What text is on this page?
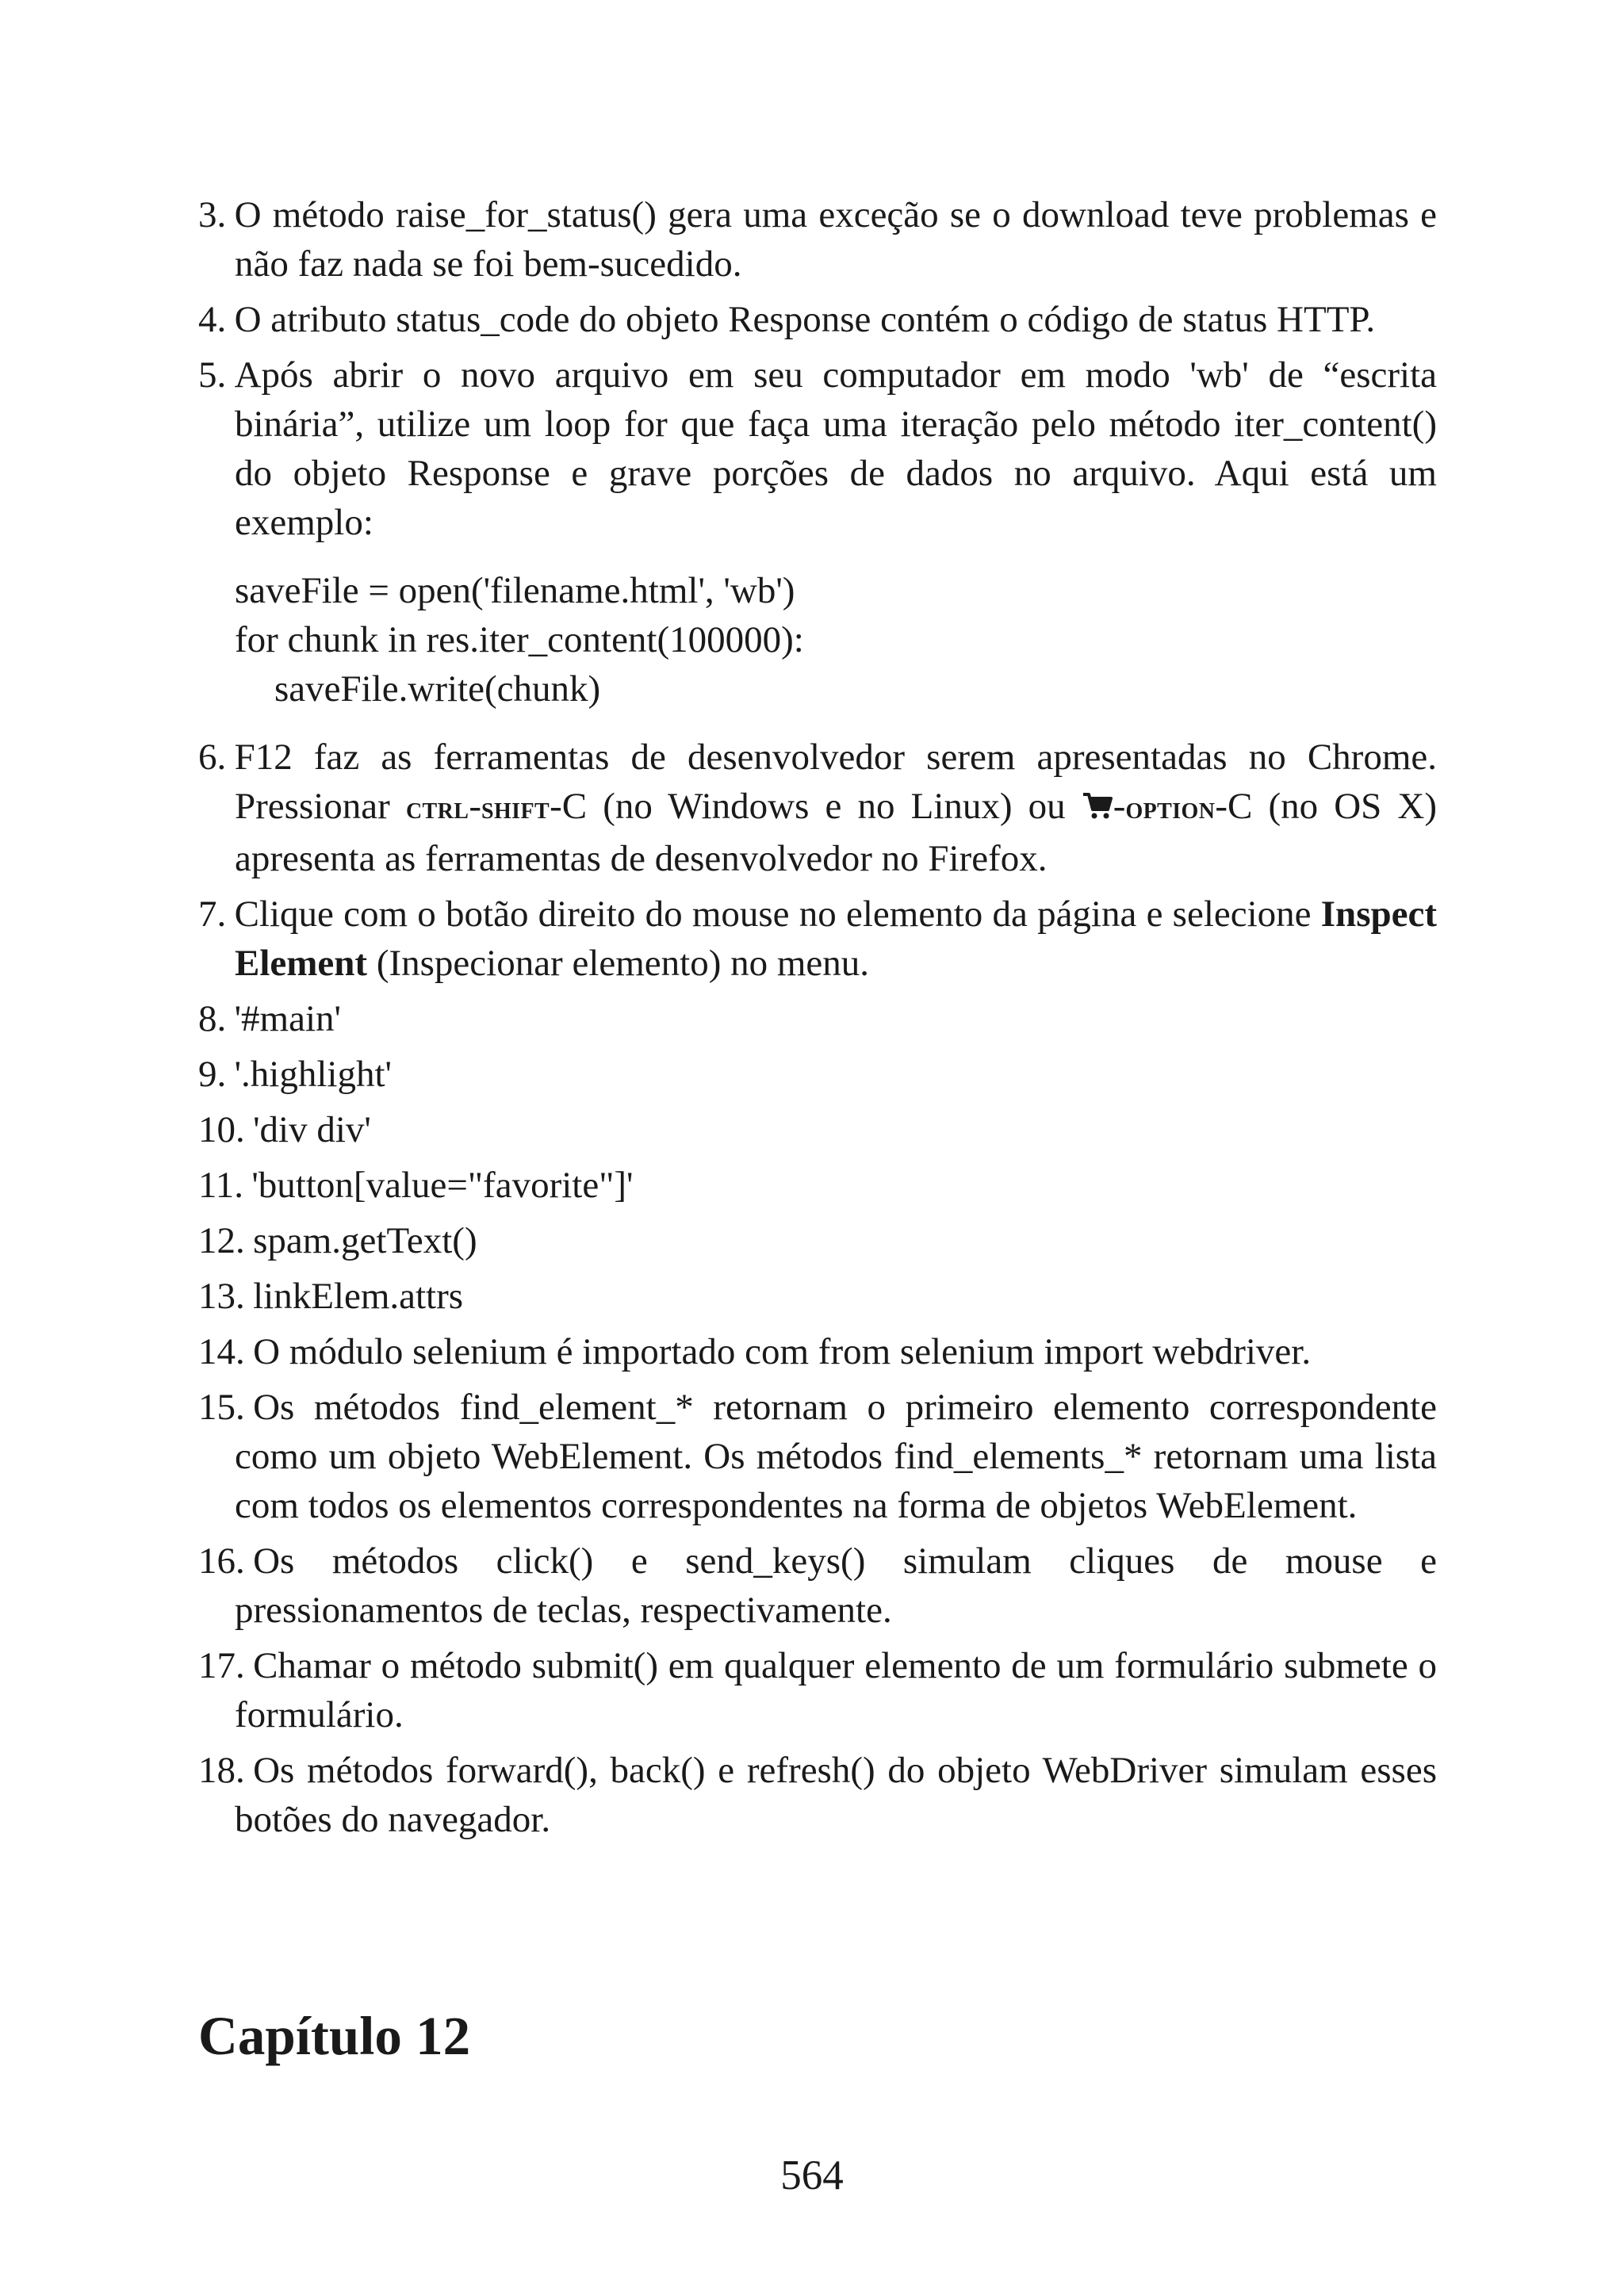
3. O método raise_for_status() gera uma exceção se o download teve problemas e não faz nada se foi bem-sucedido.

4. O atributo status_code do objeto Response contém o código de status HTTP.

5. Após abrir o novo arquivo em seu computador em modo 'wb' de “escrita binária”, utilize um loop for que faça uma iteração pelo método iter_content() do objeto Response e grave porções de dados no arquivo. Aqui está um exemplo:

saveFile = open('filename.html', 'wb')
for chunk in res.iter_content(100000):
saveFile.write(chunk)

6. F12 faz as ferramentas de desenvolvedor serem apresentadas no Chrome. Pressionar ctrl-shift-C (no Windows e no Linux) ou -option-C (no OS X) apresenta as ferramentas de desenvolvedor no Firefox.

7. Clique com o botão direito do mouse no elemento da página e selecione Inspect Element (Inspecionar elemento) no menu.

8. '#main'

9. '.highlight'

10. 'div div'

11. 'button[value="favorite"]'

12. spam.getText()

13. linkElem.attrs

14. O módulo selenium é importado com from selenium import webdriver.

15. Os métodos find_element_* retornam o primeiro elemento correspondente como um objeto WebElement. Os métodos find_elements_* retornam uma lista com todos os elementos correspondentes na forma de objetos WebElement.

16. Os métodos click() e send_keys() simulam cliques de mouse e pressionamentos de teclas, respectivamente.

17. Chamar o método submit() em qualquer elemento de um formulário submete o formulário.

18. Os métodos forward(), back() e refresh() do objeto WebDriver simulam esses botões do navegador.

Capítulo 12
564
